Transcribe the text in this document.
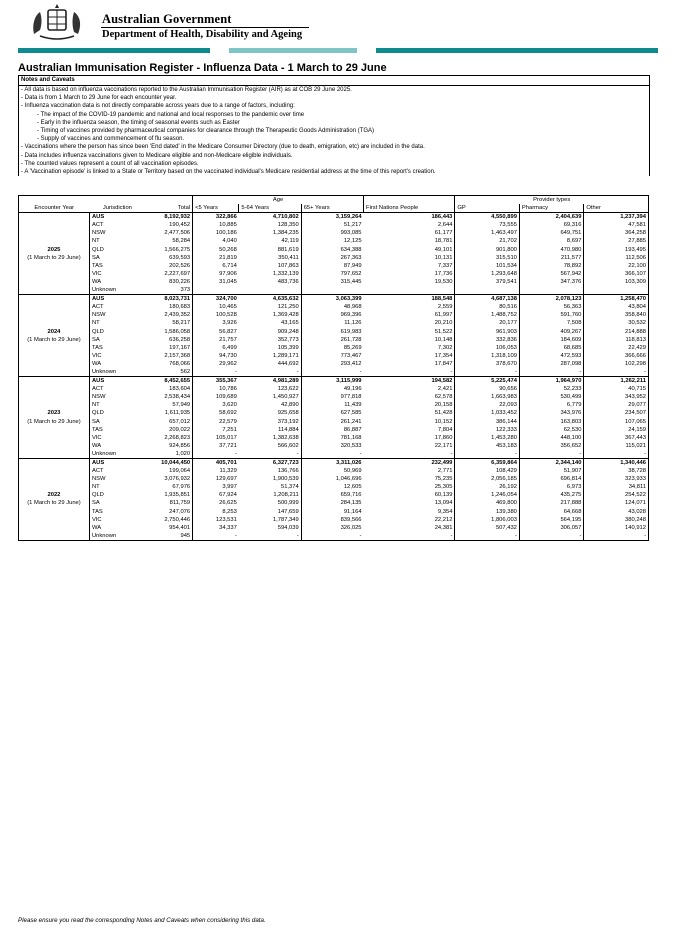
Australian Government
Department of Health, Disability and Ageing
Australian Immunisation Register - Influenza Data - 1 March to 29 June
Notes and Caveats
- All data is based on influenza vaccinations reported to the Australian Immunisation Register (AIR) as at COB 29 June 2025.
- Data is from 1 March to 29 June for each encounter year.
- Influenza vaccination data is not directly comparable across years due to a range of factors, including:
- The impact of the COVID-19 pandemic and national and local responses to the pandemic over time
- Early in the influenza season, the timing of seasonal events such as Easter
- Timing of vaccines provided by pharmaceutical companies for clearance through the Therapeutic Goods Administration (TGA)
- Supply of vaccines and commencement of flu season.
- Vaccinations where the person has since been 'End dated' in the Medicare Consumer Directory (due to death, emigration, etc) are included in the data.
- Data includes influenza vaccinations given to Medicare eligible and non-Medicare eligible individuals.
- The counted values represent a count of all vaccination episodes.
- A 'Vaccination episode' is linked to a State or Territory based on the vaccinated individual's Medicare residential address at the time of this report's creation.
			Age				Provider types		
Encounter Year	Jurisdiction	Total	<5 Years	5-64 Years	65+ Years	First Nations People	GP	Pharmacy	Other
	AUS	8,192,932	322,866	4,710,802	3,159,264	186,443	4,550,899	2,404,639	1,237,394
	ACT	190,452	10,885	128,350	51,217	2,644	73,555	69,316	47,581
	NSW	2,477,506	100,186	1,384,235	993,085	61,177	1,463,497	649,751	364,258
	NT	58,284	4,040	42,119	12,125	18,781	21,702	8,697	27,885
2025	QLD	1,566,275	50,268	881,619	634,388	49,101	901,800	470,980	193,495
(1 March to 29 June)	SA	639,593	21,819	350,411	267,363	10,131	315,510	211,577	112,506
	TAS	202,526	6,714	107,863	87,949	7,337	101,534	78,892	22,100
	VIC	2,227,697	97,906	1,332,139	797,652	17,736	1,293,648	567,942	366,107
	WA	830,226	31,045	483,736	315,445	19,530	379,541	347,376	103,309
	Unknown	373							
	AUS	8,023,731	324,700	4,635,632	3,063,399	188,548	4,687,138	2,078,123	1,258,470
	ACT	180,683	10,465	121,250	48,968	2,559	80,516	56,363	43,804
	NSW	2,439,352	100,528	1,369,428	969,396	61,997	1,488,752	591,760	358,840
	NT	58,217	3,926	43,165	11,126	20,210	20,177	7,508	30,532
2024	QLD	1,586,058	56,827	909,248	619,983	51,522	961,903	409,267	214,888
(1 March to 29 June)	SA	636,258	21,757	352,773	261,728	10,148	332,836	184,609	118,813
	TAS	197,167	6,499	105,399	85,269	7,302	106,053	68,685	22,429
	VIC	2,157,368	94,730	1,289,171	773,467	17,354	1,318,109	472,593	366,666
	WA	768,066	29,962	444,692	293,412	17,847	378,670	287,098	102,298
	Unknown	562	-	-	-	-	-	-	-
	AUS	8,452,655	355,367	4,981,289	3,115,999	194,582	5,225,474	1,964,970	1,262,211
	ACT	183,604	10,786	123,622	49,196	2,421	90,656	52,233	40,715
	NSW	2,538,434	109,689	1,450,927	977,818	62,578	1,663,983	530,499	343,952
	NT	57,949	3,620	42,890	11,439	20,158	22,093	6,779	29,077
2023	QLD	1,611,935	58,692	925,658	627,585	51,428	1,033,452	343,976	234,507
(1 March to 29 June)	SA	657,012	22,579	373,192	261,241	10,152	386,144	163,803	107,065
	TAS	209,022	7,251	114,884	86,887	7,804	122,333	62,530	24,159
	VIC	2,268,823	105,017	1,382,638	781,168	17,860	1,453,280	448,100	367,443
	WA	924,856	37,721	566,602	320,533	22,171	453,183	356,652	115,021
	Unknown	1,020	-	-	-	-	-	-	-
	AUS	10,044,450	405,701	6,327,723	3,311,026	232,499	6,359,864	2,344,140	1,340,446
	ACT	199,064	11,329	136,766	50,969	2,771	108,429	51,907	38,728
	NSW	3,076,932	129,697	1,900,539	1,046,696	75,235	2,056,185	696,814	323,933
	NT	67,976	3,997	51,374	12,605	25,305	26,192	6,973	34,811
2022	QLD	1,935,851	67,924	1,208,211	659,716	60,139	1,246,054	435,275	254,522
(1 March to 29 June)	SA	811,759	26,625	500,999	284,135	13,094	469,800	217,888	124,071
	TAS	247,076	8,253	147,659	91,164	9,354	139,380	64,668	43,028
	VIC	2,750,446	123,531	1,787,349	839,566	22,212	1,806,003	564,195	380,248
	WA	954,401	34,337	594,039	326,025	24,381	507,432	306,057	140,912
	Unknown	945	-	-	-	-	-	-	-
Please ensure you read the corresponding Notes and Caveats when considering this data.
